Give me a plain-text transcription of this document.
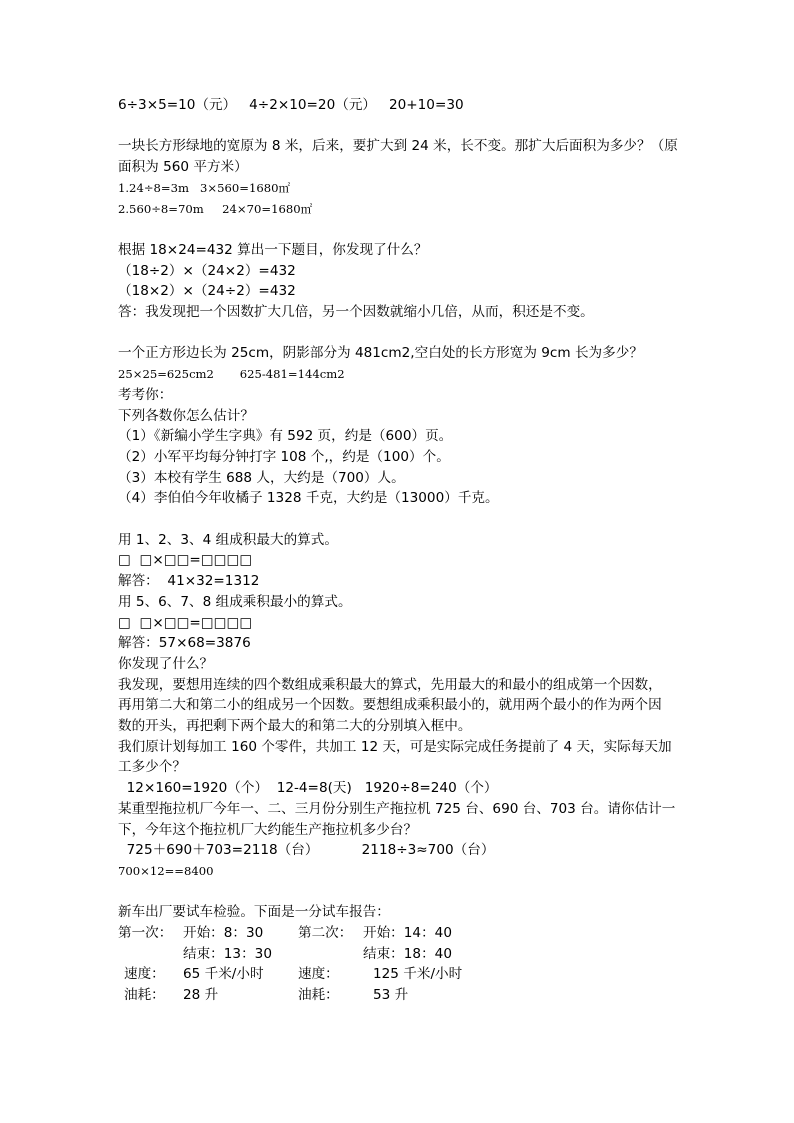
6÷3×5=10（元）   4÷2×10=20（元）   20+10=30

一块长方形绿地的宽原为 8 米，后来，要扩大到 24 米，长不变。那扩大后面积为多少？（原

面积为 560 平方米）

1.24÷8=3m   3×560=1680㎡

2.560÷8=70m     24×70=1680㎡

根据 18×24=432 算出一下题目，你发现了什么？

（18÷2）×（24×2）=432

（18×2）×（24÷2）=432

答：我发现把一个因数扩大几倍，另一个因数就缩小几倍，从而，积还是不变。

一个正方形边长为 25cm，阴影部分为 481cm2,空白处的长方形宽为 9cm 长为多少？

25×25=625cm2       625-481=144cm2

考考你：

下列各数你怎么估计？

（1）《新编小学生字典》有 592 页，约是（600）页。

（2）小军平均每分钟打字 108 个,，约是（100）个。

（3）本校有学生 688 人，大约是（700）人。

（4）李伯伯今年收橘子 1328 千克，大约是（13000）千克。

用 1、2、3、4 组成积最大的算式。

□  □×□□=□□□□

解答：  41×32=1312

用 5、6、7、8 组成乘积最小的算式。

□  □×□□=□□□□

解答：57×68=3876

你发现了什么？

我发现，要想用连续的四个数组成乘积最大的算式，先用最大的和最小的组成第一个因数，

再用第二大和第二小的组成另一个因数。要想组成乘积最小的，就用两个最小的作为两个因

数的开头，再把剩下两个最大的和第二大的分别填入框中。

我们原计划每加工 160 个零件，共加工 12 天，可是实际完成任务提前了 4 天，实际每天加

工多少个？

12×160=1920（个）  12-4=8(天)   1920÷8=240（个）

某重型拖拉机厂今年一、二、三月份分别生产拖拉机 725 台、690 台、703 台。请你估计一

下，今年这个拖拉机厂大约能生产拖拉机多少台？

725＋690＋703=2118（台）          2118÷3≈700（台）

700×12==8400

新车出厂要试车检验。下面是一分试车报告：

第一次： 开始：8：30	第二次： 开始：14：40
结束：13：30	结束：18：40
速度：	65 千米/小时	速度：	125 千米/小时
油耗：	28 升	油耗：	53 升
